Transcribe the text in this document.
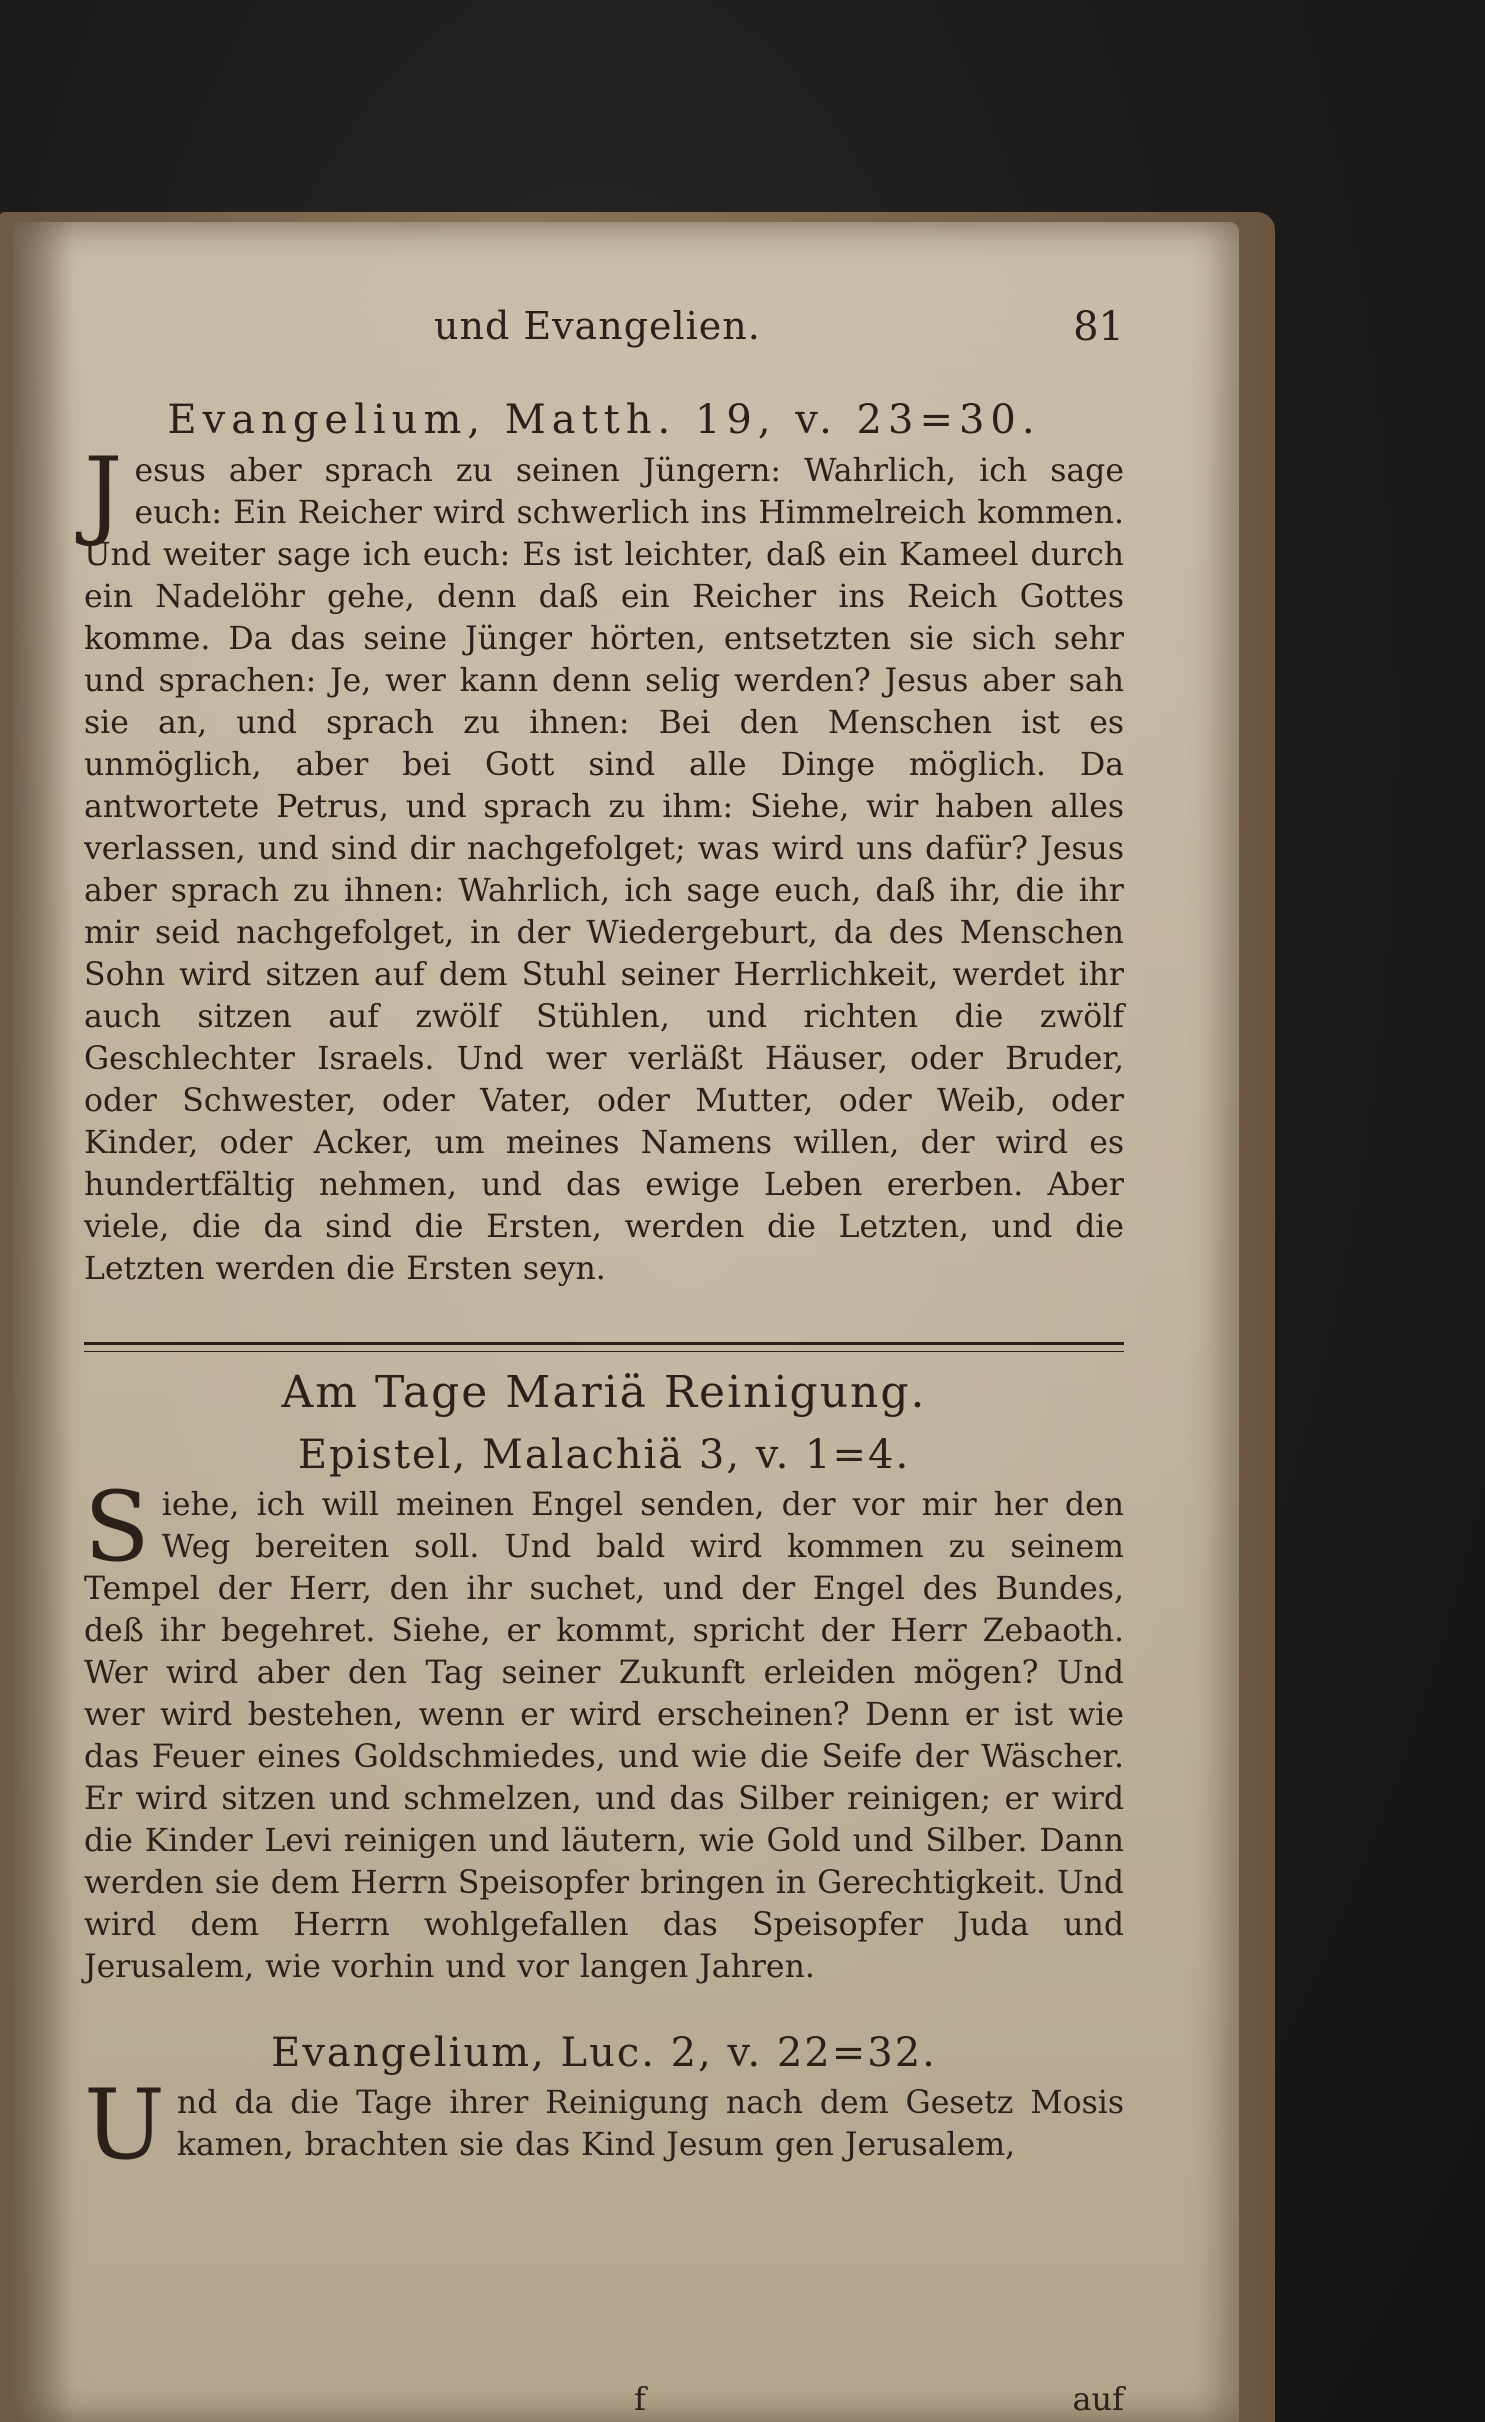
und Evangelien.	81
Evangelium, Matth. 19, v. 23=30.
Jesus aber sprach zu seinen Jüngern: Wahrlich, ich sage euch: Ein Reicher wird schwerlich ins Himmelreich kommen. Und weiter sage ich euch: Es ist leichter, daß ein Kameel durch ein Nadelöhr gehe, denn daß ein Reicher ins Reich Gottes komme. Da das seine Jünger hörten, entsetzten sie sich sehr und sprachen: Je, wer kann denn selig werden? Jesus aber sah sie an, und sprach zu ihnen: Bei den Menschen ist es unmöglich, aber bei Gott sind alle Dinge möglich. Da antwortete Petrus, und sprach zu ihm: Siehe, wir haben alles verlassen, und sind dir nachgefolget; was wird uns dafür? Jesus aber sprach zu ihnen: Wahrlich, ich sage euch, daß ihr, die ihr mir seid nachgefolget, in der Wiedergeburt, da des Menschen Sohn wird sitzen auf dem Stuhl seiner Herrlichkeit, werdet ihr auch sitzen auf zwölf Stühlen, und richten die zwölf Geschlechter Israels. Und wer verläßt Häuser, oder Bruder, oder Schwester, oder Vater, oder Mutter, oder Weib, oder Kinder, oder Acker, um meines Namens willen, der wird es hundertfältig nehmen, und das ewige Leben ererben. Aber viele, die da sind die Ersten, werden die Letzten, und die Letzten werden die Ersten seyn.
Am Tage Mariä Reinigung.
Epistel, Malachiä 3, v. 1=4.
Siehe, ich will meinen Engel senden, der vor mir her den Weg bereiten soll. Und bald wird kommen zu seinem Tempel der Herr, den ihr suchet, und der Engel des Bundes, deß ihr begehret. Siehe, er kommt, spricht der Herr Zebaoth. Wer wird aber den Tag seiner Zukunft erleiden mögen? Und wer wird bestehen, wenn er wird erscheinen? Denn er ist wie das Feuer eines Goldschmiedes, und wie die Seife der Wäscher. Er wird sitzen und schmelzen, und das Silber reinigen; er wird die Kinder Levi reinigen und läutern, wie Gold und Silber. Dann werden sie dem Herrn Speisopfer bringen in Gerechtigkeit. Und wird dem Herrn wohlgefallen das Speisopfer Juda und Jerusalem, wie vorhin und vor langen Jahren.
Evangelium, Luc. 2, v. 22=32.
Und da die Tage ihrer Reinigung nach dem Gesetz Mosis kamen, brachten sie das Kind Jesum gen Jerusalem,
f	auf
